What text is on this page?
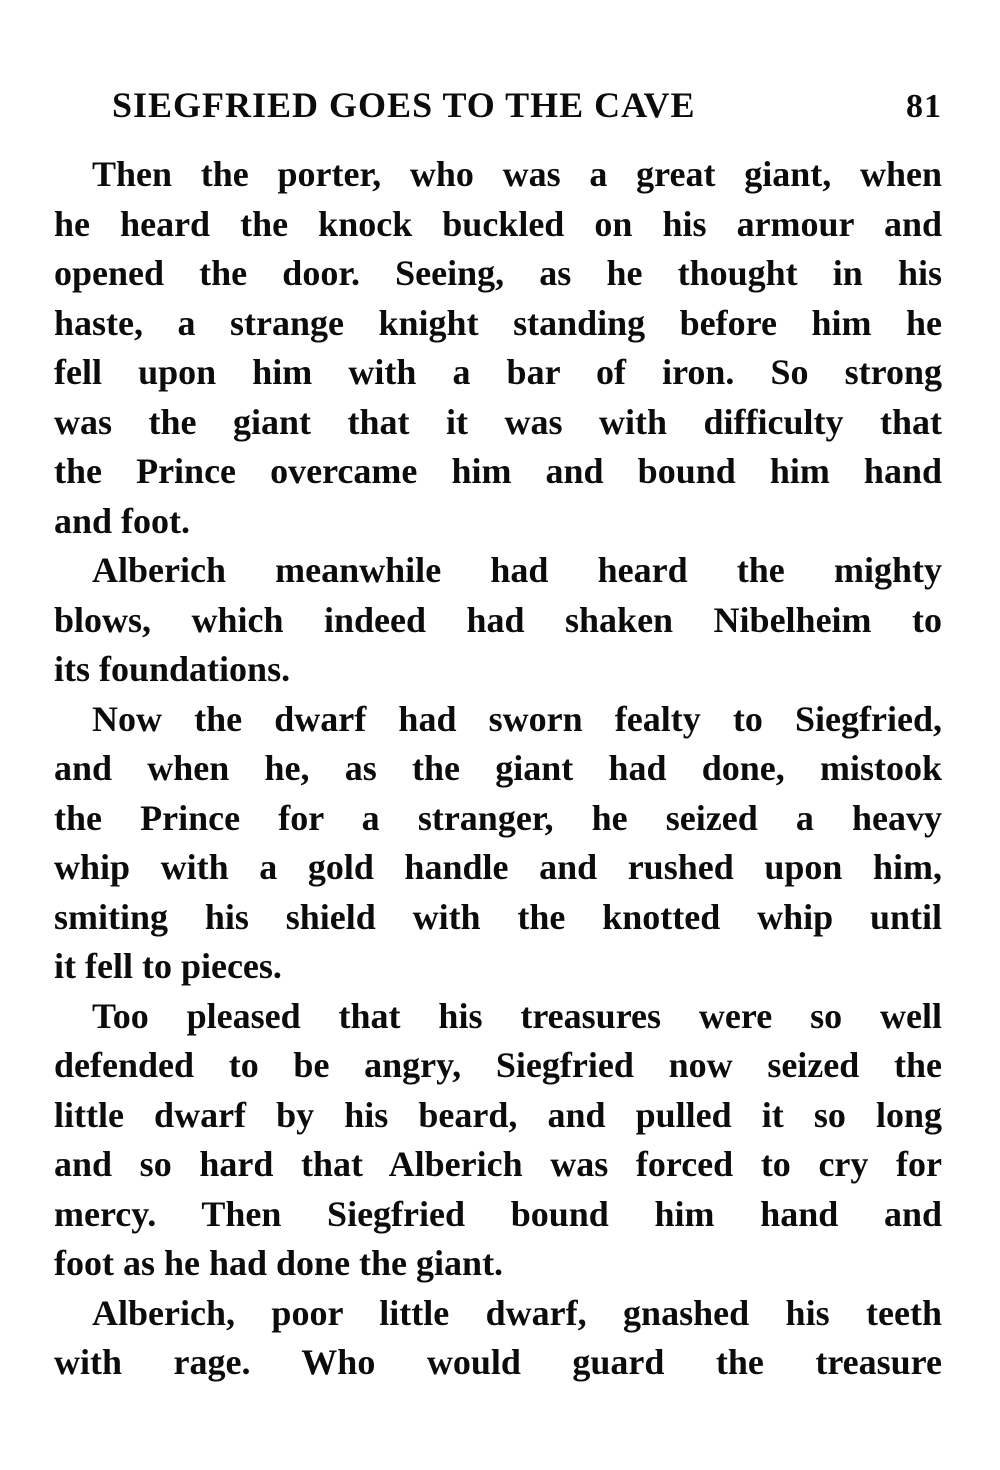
SIEGFRIED GOES TO THE CAVE	81
Then the porter, who was a great giant, when
he heard the knock buckled on his armour and
opened the door. Seeing, as he thought in his
haste, a strange knight standing before him he
fell upon him with a bar of iron. So strong
was the giant that it was with difficulty that
the Prince overcame him and bound him hand
and foot.
Alberich meanwhile had heard the mighty
blows, which indeed had shaken Nibelheim to
its foundations.
Now the dwarf had sworn fealty to Siegfried,
and when he, as the giant had done, mistook
the Prince for a stranger, he seized a heavy
whip with a gold handle and rushed upon him,
smiting his shield with the knotted whip until
it fell to pieces.
Too pleased that his treasures were so well
defended to be angry, Siegfried now seized the
little dwarf by his beard, and pulled it so long
and so hard that Alberich was forced to cry for
mercy. Then Siegfried bound him hand and
foot as he had done the giant.
Alberich, poor little dwarf, gnashed his teeth
with rage. Who would guard the treasure
